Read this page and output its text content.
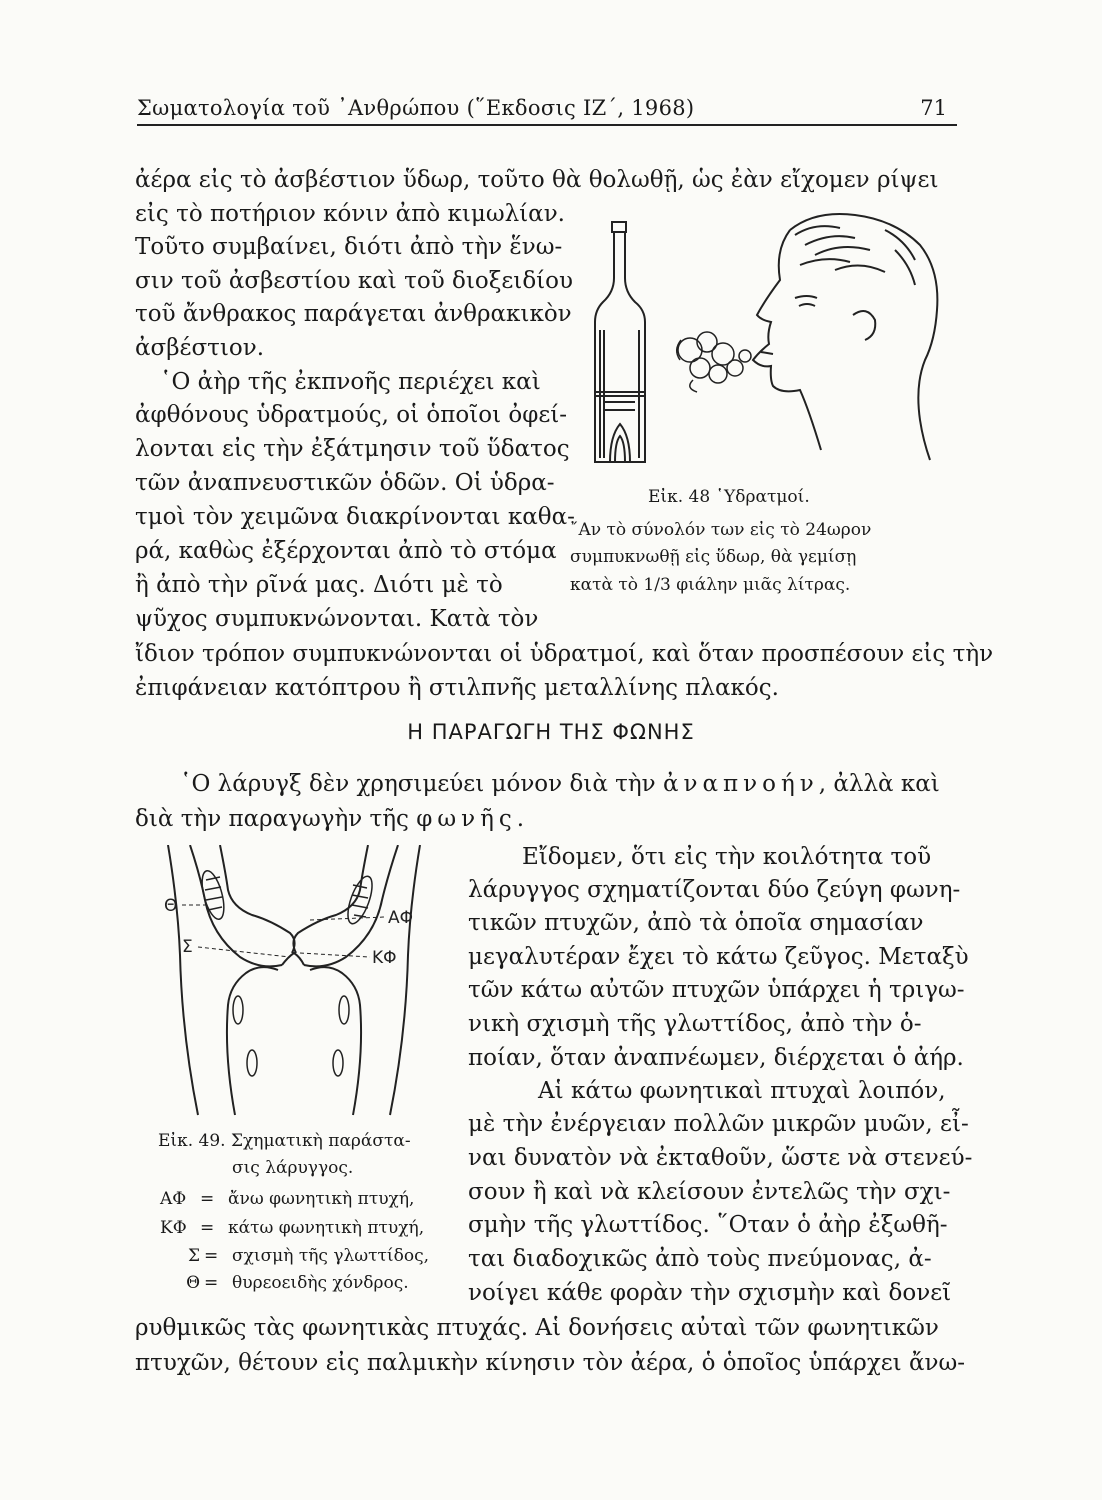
Σωματολογία τοῦ ᾿Ανθρώπου (῞Εκδοσις ΙΖ΄, 1968)	71
ἀέρα εἰς τὸ ἀσβέστιον ὕδωρ, τοῦτο θὰ θολωθῇ, ὡς ἐὰν εἴχομεν ρίψει
εἰς τὸ ποτήριον κόνιν ἀπὸ κιμωλίαν.
Τοῦτο συμβαίνει, διότι ἀπὸ τὴν ἕνω-
σιν τοῦ ἀσβεστίου καὶ τοῦ διοξειδίου
τοῦ ἄνθρακος παράγεται ἀνθρακικὸν
ἀσβέστιον.
῾Ο ἀὴρ τῆς ἐκπνοῆς περιέχει καὶ
ἀφθόνους ὑδρατμούς, οἱ ὁποῖοι ὀφεί-
λονται εἰς τὴν ἐξάτμησιν τοῦ ὕδατος
τῶν ἀναπνευστικῶν ὁδῶν. Οἱ ὑδρα-
τμοὶ τὸν χειμῶνα διακρίνονται καθα-
ρά, καθὼς ἐξέρχονται ἀπὸ τὸ στόμα
ἢ ἀπὸ τὴν ρῖνά μας. Διότι μὲ τὸ
ψῦχος συμπυκνώνονται. Κατὰ τὸν
ἴδιον τρόπον συμπυκνώνονται οἱ ὑδρατμοί, καὶ ὅταν προσπέσουν εἰς τὴν
ἐπιφάνειαν κατόπτρου ἢ στιλπνῆς μεταλλίνης πλακός.
Εἰκ. 48 ῾Υδρατμοί.
῎Αν τὸ σύνολόν των εἰς τὸ 24ωρον
συμπυκνωθῇ εἰς ὕδωρ, θὰ γεμίσῃ
κατὰ τὸ 1/3 φιάλην μιᾶς λίτρας.
Η ΠΑΡΑΓΩΓΗ ΤΗΣ ΦΩΝΗΣ
῾Ο λάρυγξ δὲν χρησιμεύει μόνον διὰ τὴν ἀναπνοήν, ἀλλὰ καὶ
διὰ τὴν παραγωγὴν τῆς φωνῆς.
Εἴδομεν, ὅτι εἰς τὴν κοιλότητα τοῦ
λάρυγγος σχηματίζονται δύο ζεύγη φωνη-
τικῶν πτυχῶν, ἀπὸ τὰ ὁποῖα σημασίαν
μεγαλυτέραν ἔχει τὸ κάτω ζεῦγος. Μεταξὺ
τῶν κάτω αὐτῶν πτυχῶν ὑπάρχει ἡ τριγω-
νικὴ σχισμὴ τῆς γλωττίδος, ἀπὸ τὴν ὁ-
ποίαν, ὅταν ἀναπνέωμεν, διέρχεται ὁ ἀήρ.
Αἱ κάτω φωνητικαὶ πτυχαὶ λοιπόν,
μὲ τὴν ἐνέργειαν πολλῶν μικρῶν μυῶν, εἶ-
ναι δυνατὸν νὰ ἐκταθοῦν, ὥστε νὰ στενεύ-
σουν ἢ καὶ νὰ κλείσουν ἐντελῶς τὴν σχι-
σμὴν τῆς γλωττίδος. ῞Οταν ὁ ἀὴρ ἐξωθῆ-
ται διαδοχικῶς ἀπὸ τοὺς πνεύμονας, ἀ-
νοίγει κάθε φορὰν τὴν σχισμὴν καὶ δονεῖ
Θ
Σ
ΑΦ
ΚΦ
Εἰκ. 49. Σχηματικὴ παράστα-
σις λάρυγγος.
ΑΦ = ἄνω φωνητικὴ πτυχή,
ΚΦ = κάτω φωνητικὴ πτυχή,
Σ = σχισμὴ τῆς γλωττίδος,
Θ = θυρεοειδὴς χόνδρος.
ρυθμικῶς τὰς φωνητικὰς πτυχάς. Αἱ δονήσεις αὐταὶ τῶν φωνητικῶν
πτυχῶν, θέτουν εἰς παλμικὴν κίνησιν τὸν ἀέρα, ὁ ὁποῖος ὑπάρχει ἄνω-
